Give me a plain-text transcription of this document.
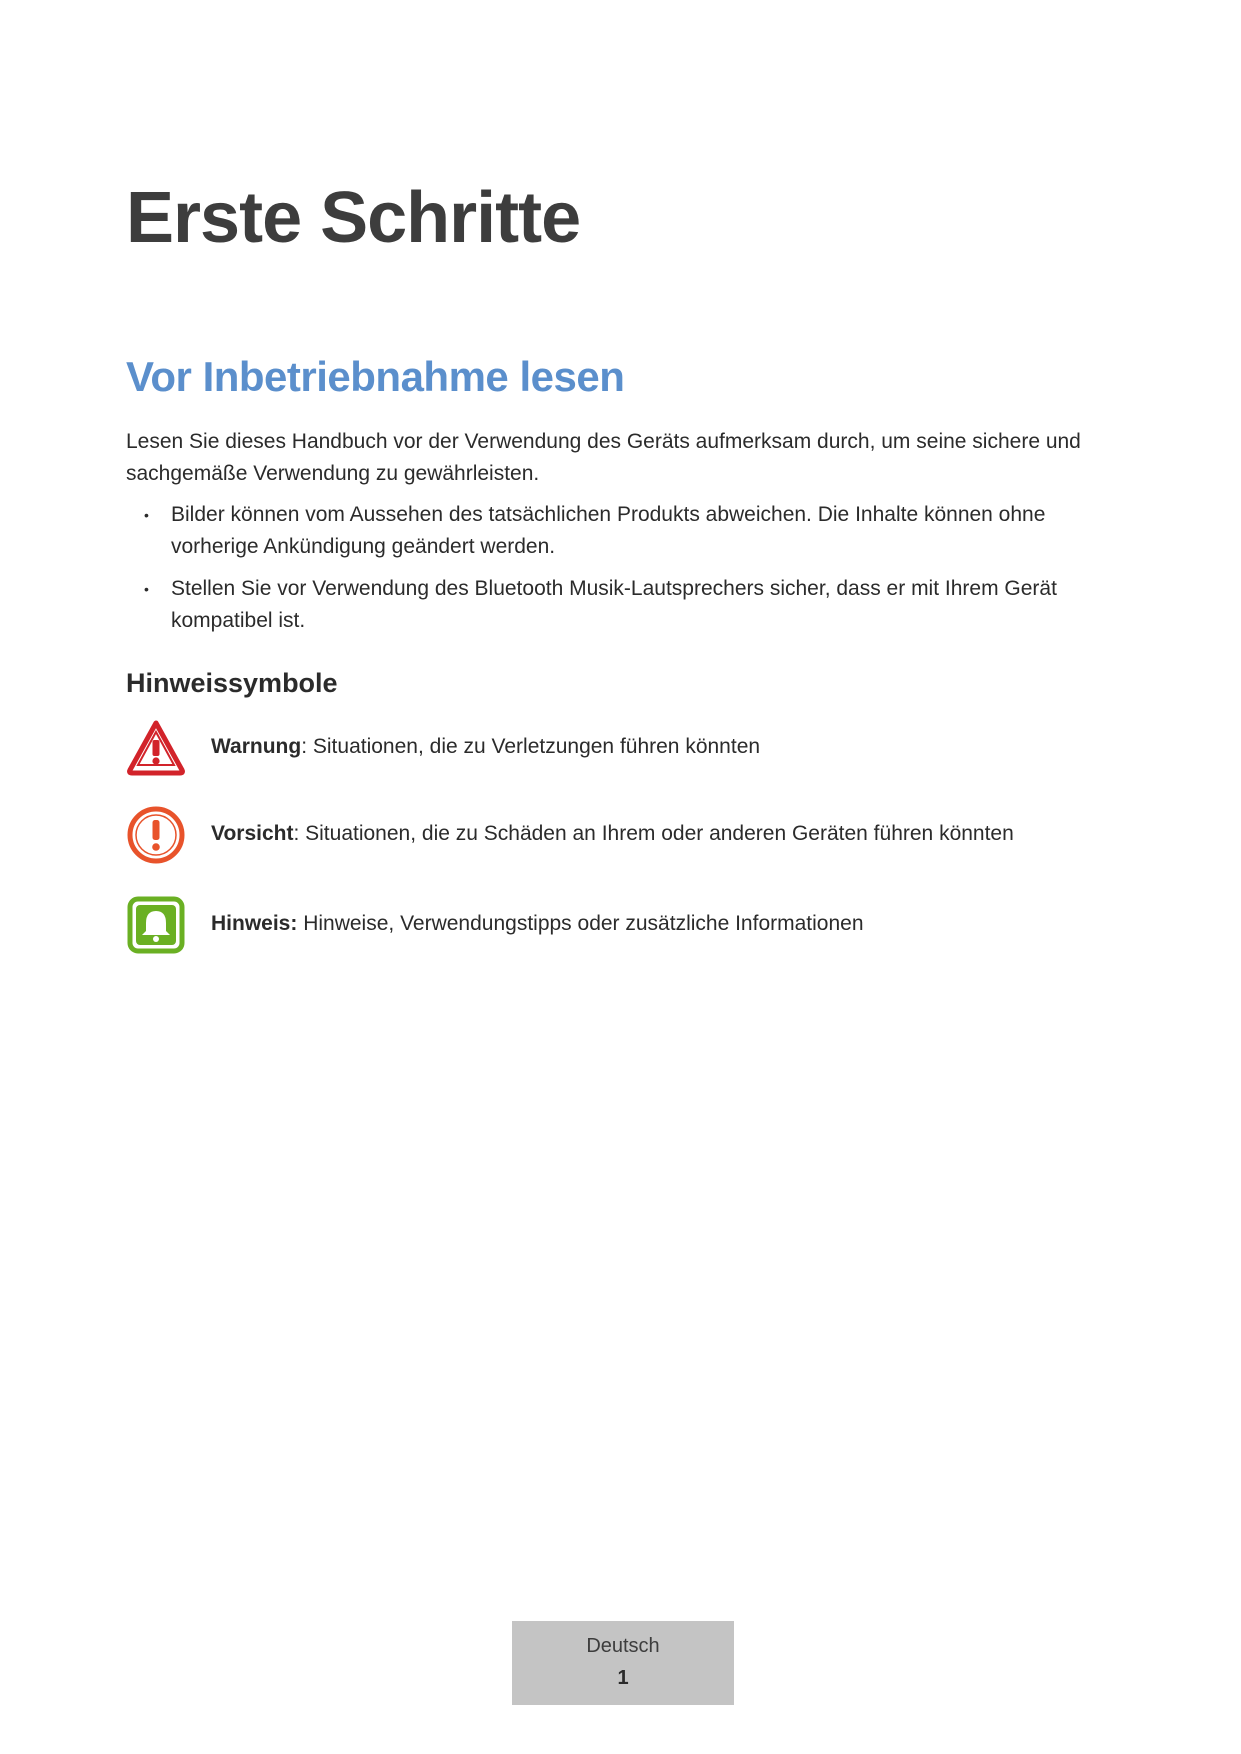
Erste Schritte
Vor Inbetriebnahme lesen

Lesen Sie dieses Handbuch vor der Verwendung des Geräts aufmerksam durch, um seine sichere und sachgemäße Verwendung zu gewährleisten.

• Bilder können vom Aussehen des tatsächlichen Produkts abweichen. Die Inhalte können ohne vorherige Ankündigung geändert werden.
• Stellen Sie vor Verwendung des Bluetooth Musik-Lautsprechers sicher, dass er mit Ihrem Gerät kompatibel ist.
Hinweissymbole
Warnung: Situationen, die zu Verletzungen führen könnten
Vorsicht: Situationen, die zu Schäden an Ihrem oder anderen Geräten führen könnten
Hinweis: Hinweise, Verwendungstipps oder zusätzliche Informationen
Deutsch
1
